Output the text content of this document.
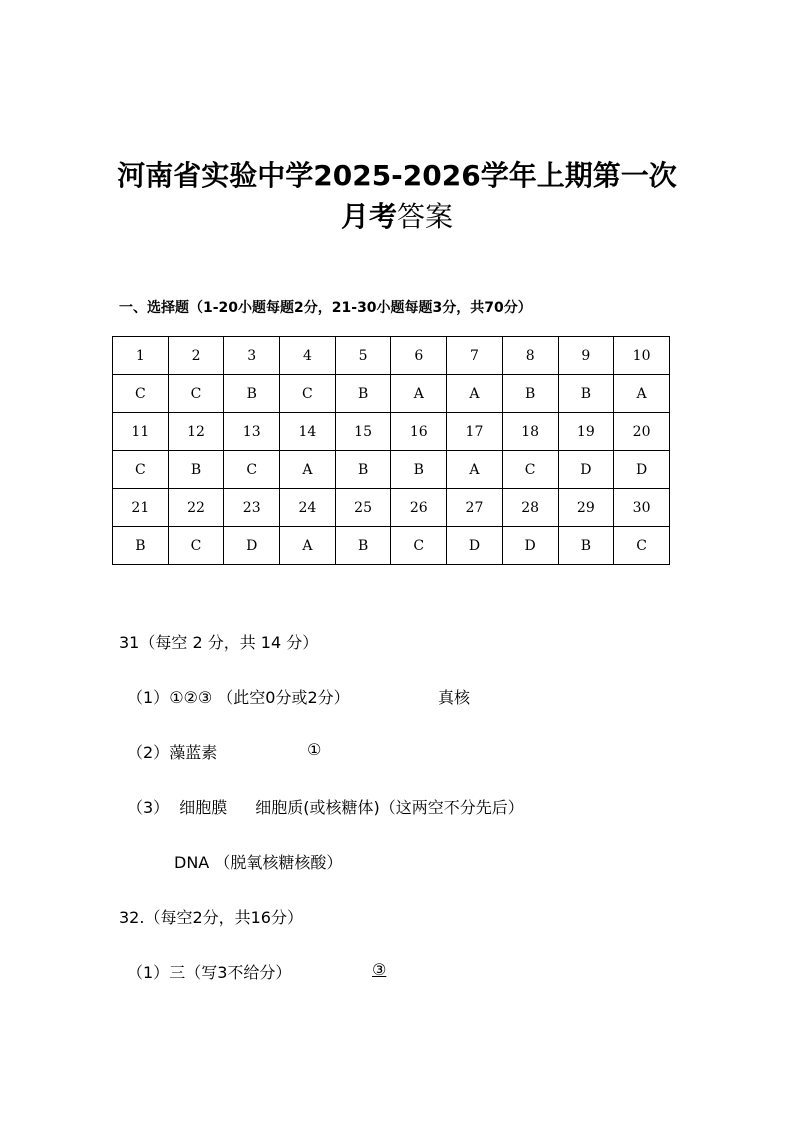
河南省实验中学2025-2026学年上期第一次
月考答案
一、选择题（1-20小题每题2分，21-30小题每题3分，共70分）
1	2	3	4	5	6	7	8	9	10
C	C	B	C	B	A	A	B	B	A
11	12	13	14	15	16	17	18	19	20
C	B	C	A	B	B	A	C	D	D
21	22	23	24	25	26	27	28	29	30
B	C	D	A	B	C	D	D	B	C
31（每空 2 分，共 14 分）
（1）①②③ （此空0分或2分）	真核
（2）藻蓝素	①
（3） 细胞膜 细胞质(或核糖体)（这两空不分先后）
DNA （脱氧核糖核酸）
32.（每空2分，共16分）
（1）三（写3不给分）	③
